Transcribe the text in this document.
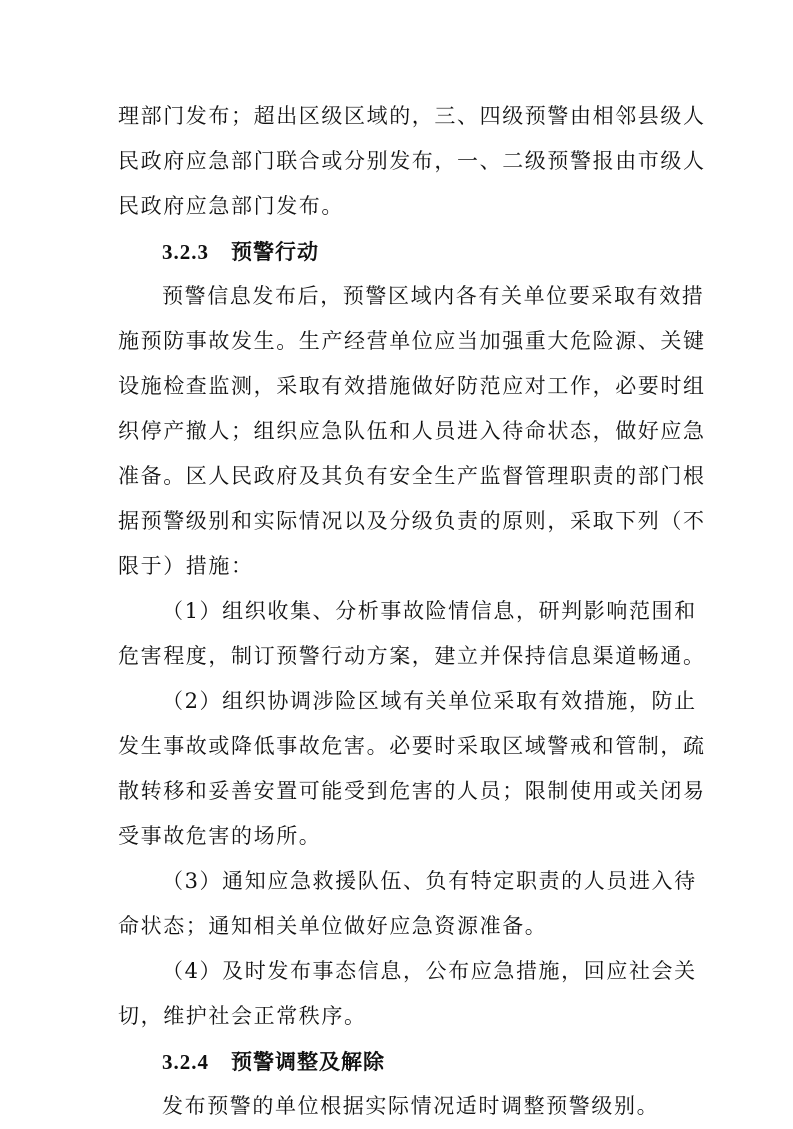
理部门发布；超出区级区域的，三、四级预警由相邻县级人
民政府应急部门联合或分别发布，一、二级预警报由市级人
民政府应急部门发布。
3.2.3 预警行动
预警信息发布后，预警区域内各有关单位要采取有效措
施预防事故发生。生产经营单位应当加强重大危险源、关键
设施检查监测，采取有效措施做好防范应对工作，必要时组
织停产撤人；组织应急队伍和人员进入待命状态，做好应急
准备。区人民政府及其负有安全生产监督管理职责的部门根
据预警级别和实际情况以及分级负责的原则，采取下列（不
限于）措施：
（1）组织收集、分析事故险情信息，研判影响范围和
危害程度，制订预警行动方案，建立并保持信息渠道畅通。
（2）组织协调涉险区域有关单位采取有效措施，防止
发生事故或降低事故危害。必要时采取区域警戒和管制，疏
散转移和妥善安置可能受到危害的人员；限制使用或关闭易
受事故危害的场所。
（3）通知应急救援队伍、负有特定职责的人员进入待
命状态；通知相关单位做好应急资源准备。
（4）及时发布事态信息，公布应急措施，回应社会关
切，维护社会正常秩序。
3.2.4 预警调整及解除
发布预警的单位根据实际情况适时调整预警级别。
